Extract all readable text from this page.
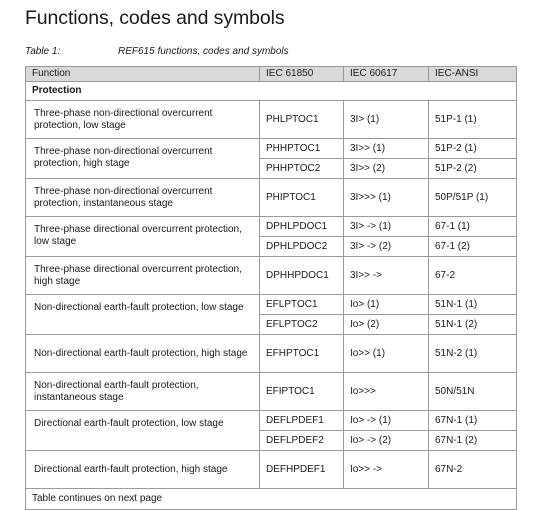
Functions, codes and symbols
Table 1:	REF615 functions, codes and symbols
Function	IEC 61850	IEC 60617	IEC-ANSI
Protection			
Three-phase non-directional overcurrent protection, low stage	PHLPTOC1	3I> (1)	51P-1 (1)
Three-phase non-directional overcurrent protection, high stage	PHHPTOC1	3I>> (1)	51P-2 (1)
	PHHPTOC2	3I>> (2)	51P-2 (2)
Three-phase non-directional overcurrent protection, instantaneous stage	PHIPTOC1	3I>>> (1)	50P/51P (1)
Three-phase directional overcurrent protection, low stage	DPHLPDOC1	3I> -> (1)	67-1 (1)
	DPHLPDOC2	3I> -> (2)	67-1 (2)
Three-phase directional overcurrent protection, high stage	DPHHPDOC1	3I>> ->	67-2
Non-directional earth-fault protection, low stage	EFLPTOC1	Io> (1)	51N-1 (1)
	EFLPTOC2	Io> (2)	51N-1 (2)
Non-directional earth-fault protection, high stage	EFHPTOC1	Io>> (1)	51N-2 (1)
Non-directional earth-fault protection, instantaneous stage	EFIPTOC1	Io>>>	50N/51N
Directional earth-fault protection, low stage	DEFLPDEF1	Io> -> (1)	67N-1 (1)
	DEFLPDEF2	Io> -> (2)	67N-1 (2)
Directional earth-fault protection, high stage	DEFHPDEF1	Io>> ->	67N-2
Table continues on next page			
